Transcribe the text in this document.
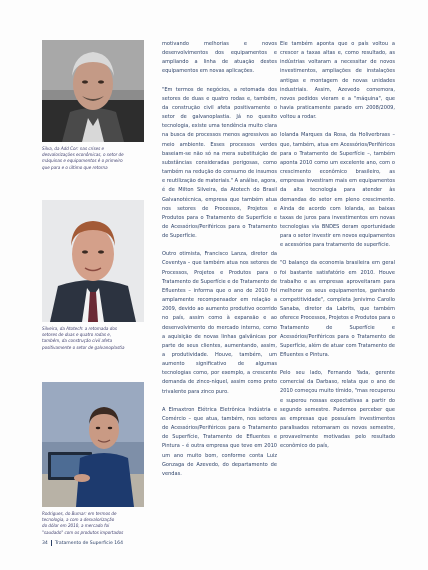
Silva, da Add Cor: nas crises e
desvalorizações econômicas, o setor de
máquinas e equipamentos é o primeiro
que para e o último que retorna
Silveira, da Atotech: a retomada dos
setores de duas e quatro rodas e,
também, da construção civil afeta
positivamente o setor de galvanoplastia
Rodrigues, do Bumar: em termos de
tecnologia, a com a desvalorização
do dólar em 2010, a mercado foi
"saudado" com os produtos importados

motivando melhorias e novos desenvolvimentos dos equipamentos e ampliando a linha de atuação destes equipamentos em novas aplicações.

"Em termos de negócios, a retomada dos setores de duas e quatro rodas e, também, da construção civil afeta positivamente o setor de galvanoplastia. Já no quesito tecnologia, existe uma tendência muito clara na busca de processos menos agressivos ao meio ambiente. Esses processos verdes baseiam-se não só na mera substituição de substâncias consideradas perigosas, como também na redução do consumo de insumos e reutilização de materiais." A análise, agora, é de Milton Silveira, da Atotech do Brasil Galvanotécnica, empresa que também atua nos setores de Processos, Projetos e Produtos para o Tratamento de Superfície e de Acessórios/Periféricos para o Tratamento de Superfície.

Outro otimista, Francisco Lanza, diretor da Coventya – que também atua nos setores de Processos, Projetos e Produtos para o Tratamento de Superfície e de Tratamento de Efluentes – informa que o ano de 2010 foi amplamente recompensador em relação a 2009, devido ao aumento produtivo ocorrido no país, assim como à expansão e ao desenvolvimento do mercado interno, como a aquisição de novas linhas galvânicas por parte de seus clientes, aumentando, assim, a produtividade. Houve, também, um aumento significativo de algumas tecnologias como, por exemplo, a crescente demanda de zinco-níquel, assim como preto trivalente para zinco puro.

A Elmaxtron Elétrica Eletrônica Indústria e Comércio – que atua, também, nos setores de Acessórios/Periféricos para o Tratamento de Superfície, Tratamento de Efluentes e Pintura – é outra empresa que teve em 2010 um ano muito bom, conforme conta Luiz Gonzaga de Azevedo, do departamento de vendas.

Ele também aponta que o país voltou a crescer a taxas altas e, como resultado, as indústrias voltaram a necessitar de novos investimentos, ampliações de instalações antigas e montagem de novas unidades industriais. Assim, Azevedo comemora, novos pedidos vieram e a "máquina", que havia praticamente parado em 2008/2009, voltou a rodar.

Iolanda Marques da Rosa, da Holiverbrass – que, também, atua em Acessórios/Periféricos para o Tratamento de Superfície –, também aponta 2010 como um excelente ano, com o crescimento econômico brasileiro, as empresas investiram mais em equipamentos da alta tecnologia para atender às demandas do setor em pleno crescimento. Ainda de acordo com Iolanda, as baixas taxas de juros para investimentos em novas tecnologias via BNDES deram oportunidade para o setor investir em novos equipamentos e acessórios para tratamento de superfície.

"O balanço da economia brasileira em geral foi bastante satisfatório em 2010. Houve trabalho e as empresas aproveitaram para melhorar os seus equipamentos, ganhando competitividade", completa Jenivimo Carollo Sanaba, diretor da Labrits, que também oferece Processos, Projetos e Produtos para o Tratamento de Superfície e Acessórios/Periféricos para o Tratamento de Superfície, além de atuar com Tratamento de Efluentes e Pintura.

Pelo seu lado, Fernando Yada, gerente comercial da Darbaso, relata que o ano de 2010 começou muito tímido, "mas recuperou e superou nossas expectativas a partir do segundo semestre. Pudemos perceber que as empresas que possuíam investimentos paralisados retomaram os novos semestre, provavelmente motivadas pelo resultado econômico do país,

34 Tratamento de Superfície 164
